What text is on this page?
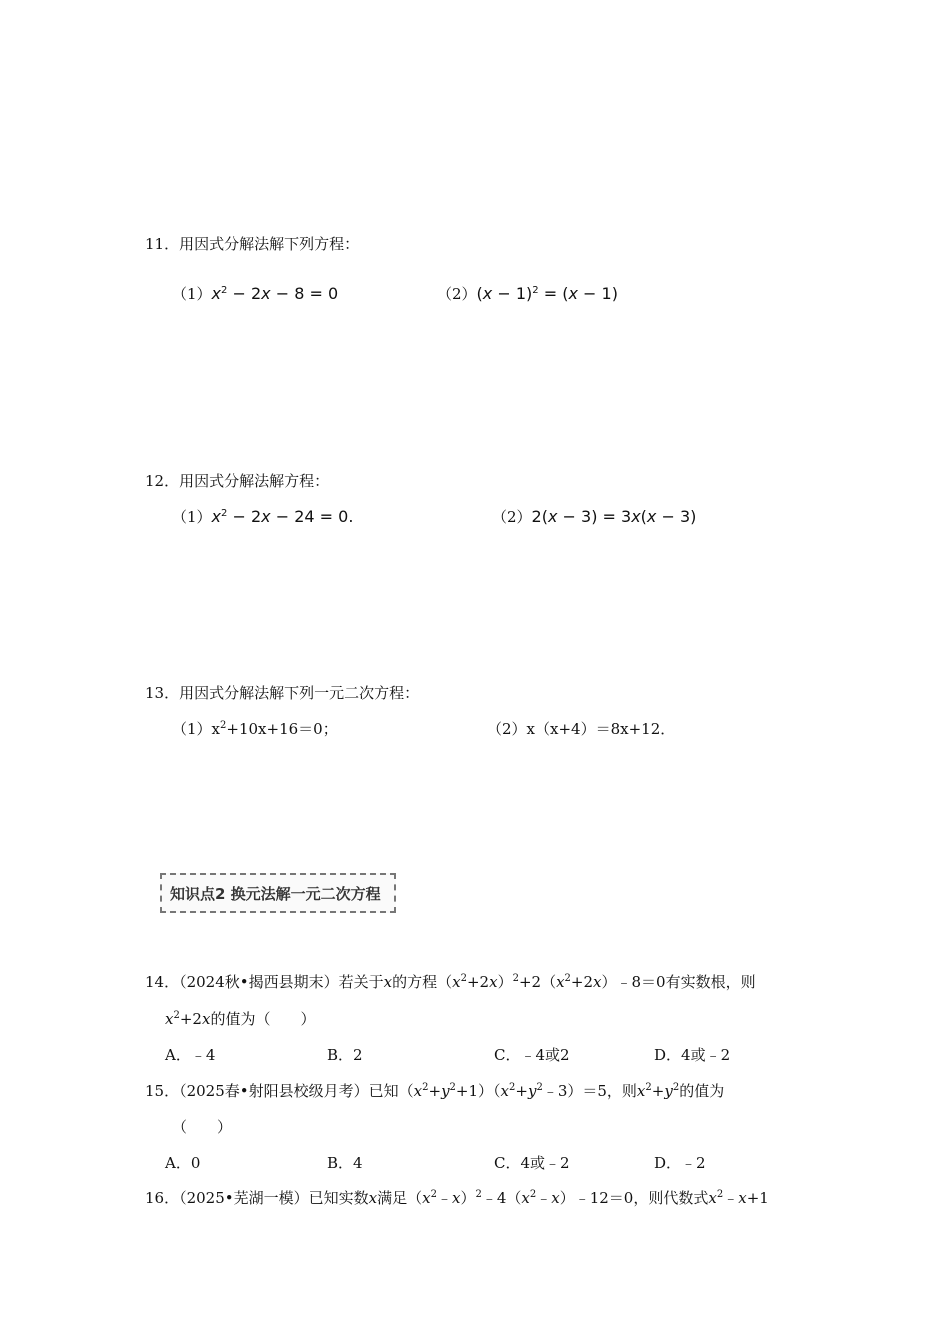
11．用因式分解法解下列方程：
$(1)x^2 - 2x - 8 = 0$	$(2)(x - 1)^2 = (x - 1)$
12．用因式分解法解方程：
$(1)x^2 - 2x - 24 = 0$.	（2）2(x − 3) = 3x(x − 3)
13．用因式分解法解下列一元二次方程：
$(1)x^2+10x+16=0$；	（2）x（x+4）＝8x+12．
知识点2 换元法解一元二次方程
14．（2024秋•揭西县期末）若关于x的方程$(x^2+2x)^2+2(x^2+2x)﹣8=0$有实数根，则
$x^2+2x$的值为（　　）
A．﹣4	B．2	C．﹣4或2	D．4或﹣2
15．（2025春•射阳县校级月考）已知$(x^2+y^2+1)(x^2+y^2﹣3)=5$，则$x^2+y^2$的值为
（　　）
A．0	B．4	C．4或﹣2	D．﹣2
16．（2025•芜湖一模）已知实数x满足$(x^2﹣x)^2﹣4(x^2﹣x)﹣12=0$，则代数式$x^2﹣x+1$
